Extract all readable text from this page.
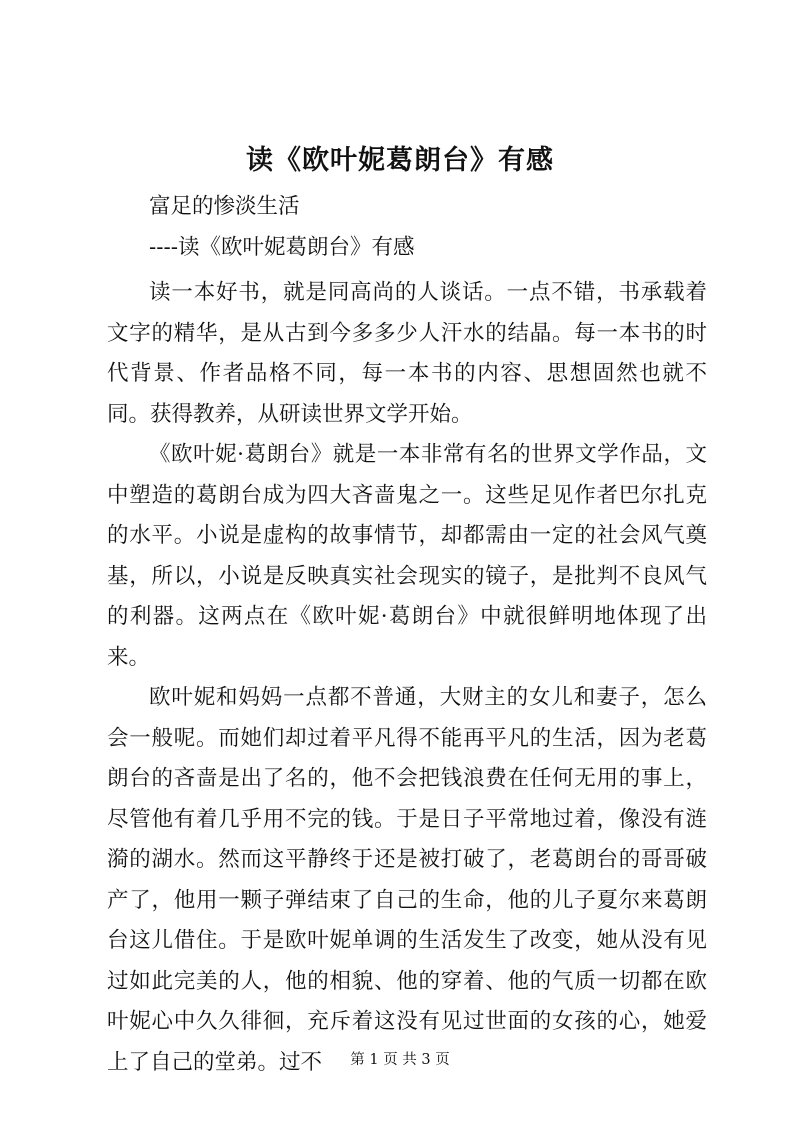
读《欧叶妮葛朗台》有感

富足的惨淡生活

----读《欧叶妮葛朗台》有感

读一本好书，就是同高尚的人谈话。一点不错，书承载着文字的精华，是从古到今多多少人汗水的结晶。每一本书的时代背景、作者品格不同，每一本书的内容、思想固然也就不同。获得教养，从研读世界文学开始。

《欧叶妮·葛朗台》就是一本非常有名的世界文学作品，文中塑造的葛朗台成为四大吝啬鬼之一。这些足见作者巴尔扎克的水平。小说是虚构的故事情节，却都需由一定的社会风气奠基，所以，小说是反映真实社会现实的镜子，是批判不良风气的利器。这两点在《欧叶妮·葛朗台》中就很鲜明地体现了出来。

欧叶妮和妈妈一点都不普通，大财主的女儿和妻子，怎么会一般呢。而她们却过着平凡得不能再平凡的生活，因为老葛朗台的吝啬是出了名的，他不会把钱浪费在任何无用的事上，尽管他有着几乎用不完的钱。于是日子平常地过着，像没有涟漪的湖水。然而这平静终于还是被打破了，老葛朗台的哥哥破产了，他用一颗子弹结束了自己的生命，他的儿子夏尔来葛朗台这儿借住。于是欧叶妮单调的生活发生了改变，她从没有见过如此完美的人，他的相貌、他的穿着、他的气质一切都在欧叶妮心中久久徘徊，充斥着这没有见过世面的女孩的心，她爱上了自己的堂弟。过不	第 1 页 共 3 页
